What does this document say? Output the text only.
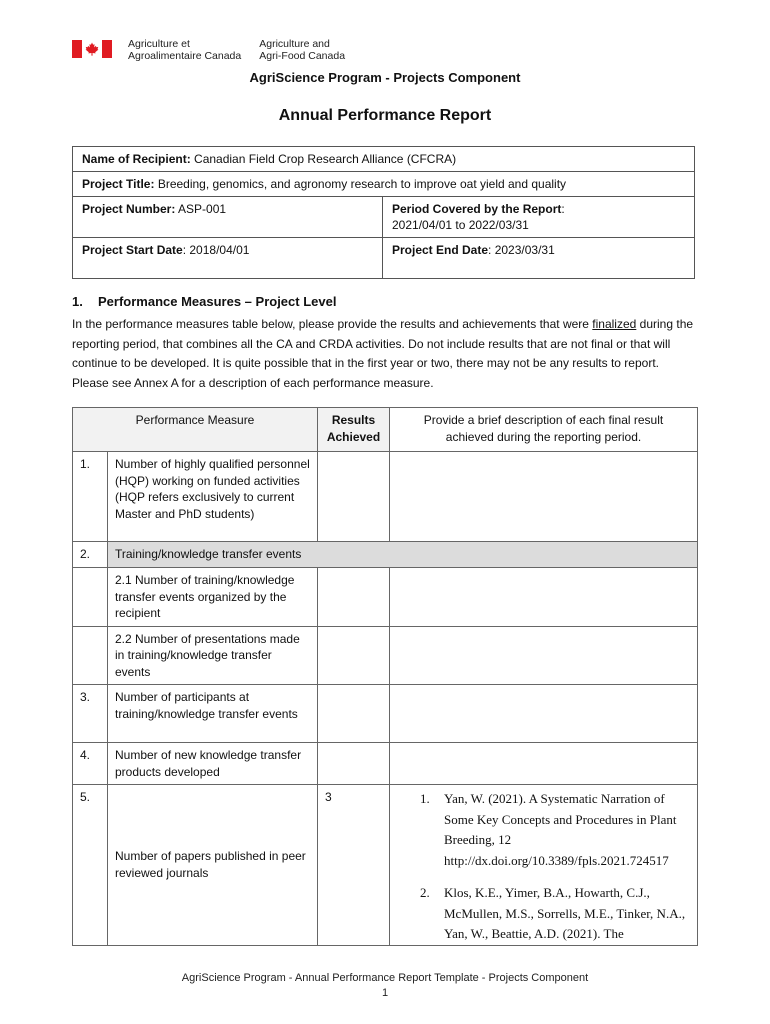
Agriculture et
Agroalimentaire Canada
Agriculture and
Agri-Food Canada
AgriScience Program - Projects Component
Annual Performance Report
Name of Recipient: Canadian Field Crop Research Alliance (CFCRA)	
Project Title: Breeding, genomics, and agronomy research to improve oat yield and quality	
Project Number: ASP-001	Period Covered by the Report:
2021/04/01 to 2022/03/31
Project Start Date: 2018/04/01	Project End Date: 2023/03/31
1. Performance Measures – Project Level
In the performance measures table below, please provide the results and achievements that were finalized during the reporting period, that combines all the CA and CRDA activities. Do not include results that are not final or that will continue to be developed. It is quite possible that in the first year or two, there may not be any results to report. Please see Annex A for a description of each performance measure.
Performance Measure		Results Achieved	Provide a brief description of each final result achieved during the reporting period.
1.	Number of highly qualified personnel (HQP) working on funded activities
(HQP refers exclusively to current Master and PhD students)		
2.	Training/knowledge transfer events		
	2.1 Number of training/knowledge transfer events organized by the recipient		
	2.2 Number of presentations made in training/knowledge transfer events		
3.	Number of participants at training/knowledge transfer events		
4.	Number of new knowledge transfer products developed		
5.	Number of papers published in peer reviewed journals	3	1. Yan, W. (2021). A Systematic Narration of Some Key Concepts and Procedures in Plant Breeding, 12 http://dx.doi.org/10.3389/fpls.2021.724517
2. Klos, K.E., Yimer, B.A., Howarth, C.J., McMullen, M.S., Sorrells, M.E., Tinker, N.A., Yan, W., Beattie, A.D. (2021). The
AgriScience Program - Annual Performance Report Template - Projects Component
1
